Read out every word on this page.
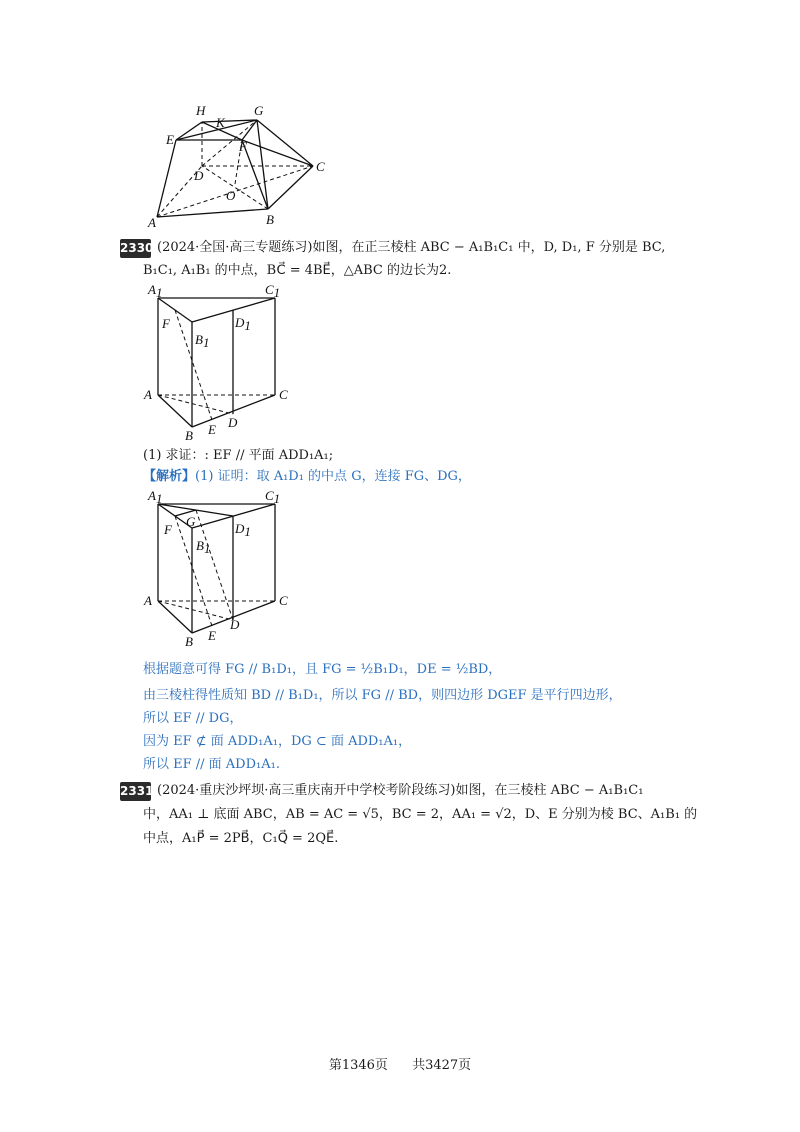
H	G
K
E	F
D
C
O
A	B
2330 (2024·全国·高三专题练习)如图，在正三棱柱 ABC − A₁B₁C₁ 中，D, D₁, F 分别是 BC,
B₁C₁, A₁B₁ 的中点，BC⃗ = 4BE⃗，△ABC 的边长为2.
A1	C1
F	D1
B1
A	C
D
E
B
(1) 求证：: EF // 平面 ADD₁A₁;
【解析】(1) 证明：取 A₁D₁ 的中点 G，连接 FG、DG，
A1	C1
G
F	D1
B1
A	C
D
E
B
根据题意可得 FG // B₁D₁，且 FG = ½B₁D₁，DE = ½BD，
由三棱柱得性质知 BD // B₁D₁，所以 FG // BD，则四边形 DGEF 是平行四边形，
所以 EF // DG，
因为 EF ⊄ 面 ADD₁A₁，DG ⊂ 面 ADD₁A₁，
所以 EF // 面 ADD₁A₁.
2331 (2024·重庆沙坪坝·高三重庆南开中学校考阶段练习)如图，在三棱柱 ABC − A₁B₁C₁
中，AA₁ ⊥ 底面 ABC，AB = AC = √5，BC = 2，AA₁ = √2，D、E 分别为棱 BC、A₁B₁ 的
中点，A₁P⃗ = 2PB⃗，C₁Q⃗ = 2QE⃗.
第1346页 共3427页
